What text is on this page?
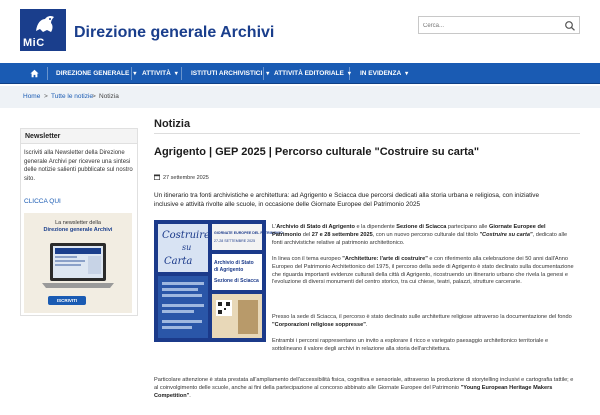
MiC
Direzione generale Archivi
Cerca...
DIREZIONE GENERALE ▾ ATTIVITÀ ▾ ISTITUTI ARCHIVISTICI ▾ ATTIVITÀ EDITORIALE ▾ IN EVIDENZA ▾
Home > Tutte le notizie
> Notizia
Newsletter
Iscriviti alla Newsletter della Direzione generale Archivi per ricevere una sintesi delle notizie salienti pubblicate sul nostro sito.
CLICCA QUI
La newsletter della
Direzione generale Archivi
ISCRIVITI
Notizia
Agrigento | GEP 2025 | Percorso culturale "Costruire su carta"
27 settembre 2025
Un itinerario tra fonti archivistiche e architettura: ad Agrigento e Sciacca due percorsi dedicati alla storia urbana e religiosa, con iniziative inclusive e attività rivolte alle scuole, in occasione delle Giornate Europee del Patrimonio 2025
Costruire
su
Carta
GIORNATE EUROPEE DEL PATRIMONIO
27-28 SETTEMBRE 2025
Archivio di Stato
di Agrigento
Sezione di Sciacca
L'Archivio di Stato di Agrigento e la dipendente Sezione di Sciacca partecipano alle Giornate Europee del Patrimonio del 27 e 28 settembre 2025, con un nuovo percorso culturale dal titolo "Costruire su carta", dedicato alle fonti archivistiche relative al patrimonio architettonico.
In linea con il tema europeo "Architetture: l'arte di costruire" e con riferimento alla celebrazione dei 50 anni dall'Anno Europeo del Patrimonio Architettonico del 1975, il percorso della sede di Agrigento è stato declinato sulla documentazione che riguarda importanti evidenze culturali della città di Agrigento, ricostruendo un itinerario urbano che rivela la genesi e l'evoluzione di diversi monumenti del centro storico, tra cui chiese, teatri, palazzi, strutture carcerarie.
Presso la sede di Sciacca, il percorso è stato declinato sulle architetture religiose attraverso la documentazione del fondo "Corporazioni religiose soppresse".
Entrambi i percorsi rappresentano un invito a esplorare il ricco e variegato paesaggio architettonico territoriale e sottolineano il valore degli archivi in relazione alla storia dell'architettura.
Particolare attenzione è stata prestata all'ampliamento dell'accessibilità fisica, cognitiva e sensoriale, attraverso la produzione di storytelling inclusivi e cartografia tattile; e al coinvolgimento delle scuole, anche ai fini della partecipazione al concorso abbinato alle Giornate Europee del Patrimonio "Young European Heritage Makers Competition".
